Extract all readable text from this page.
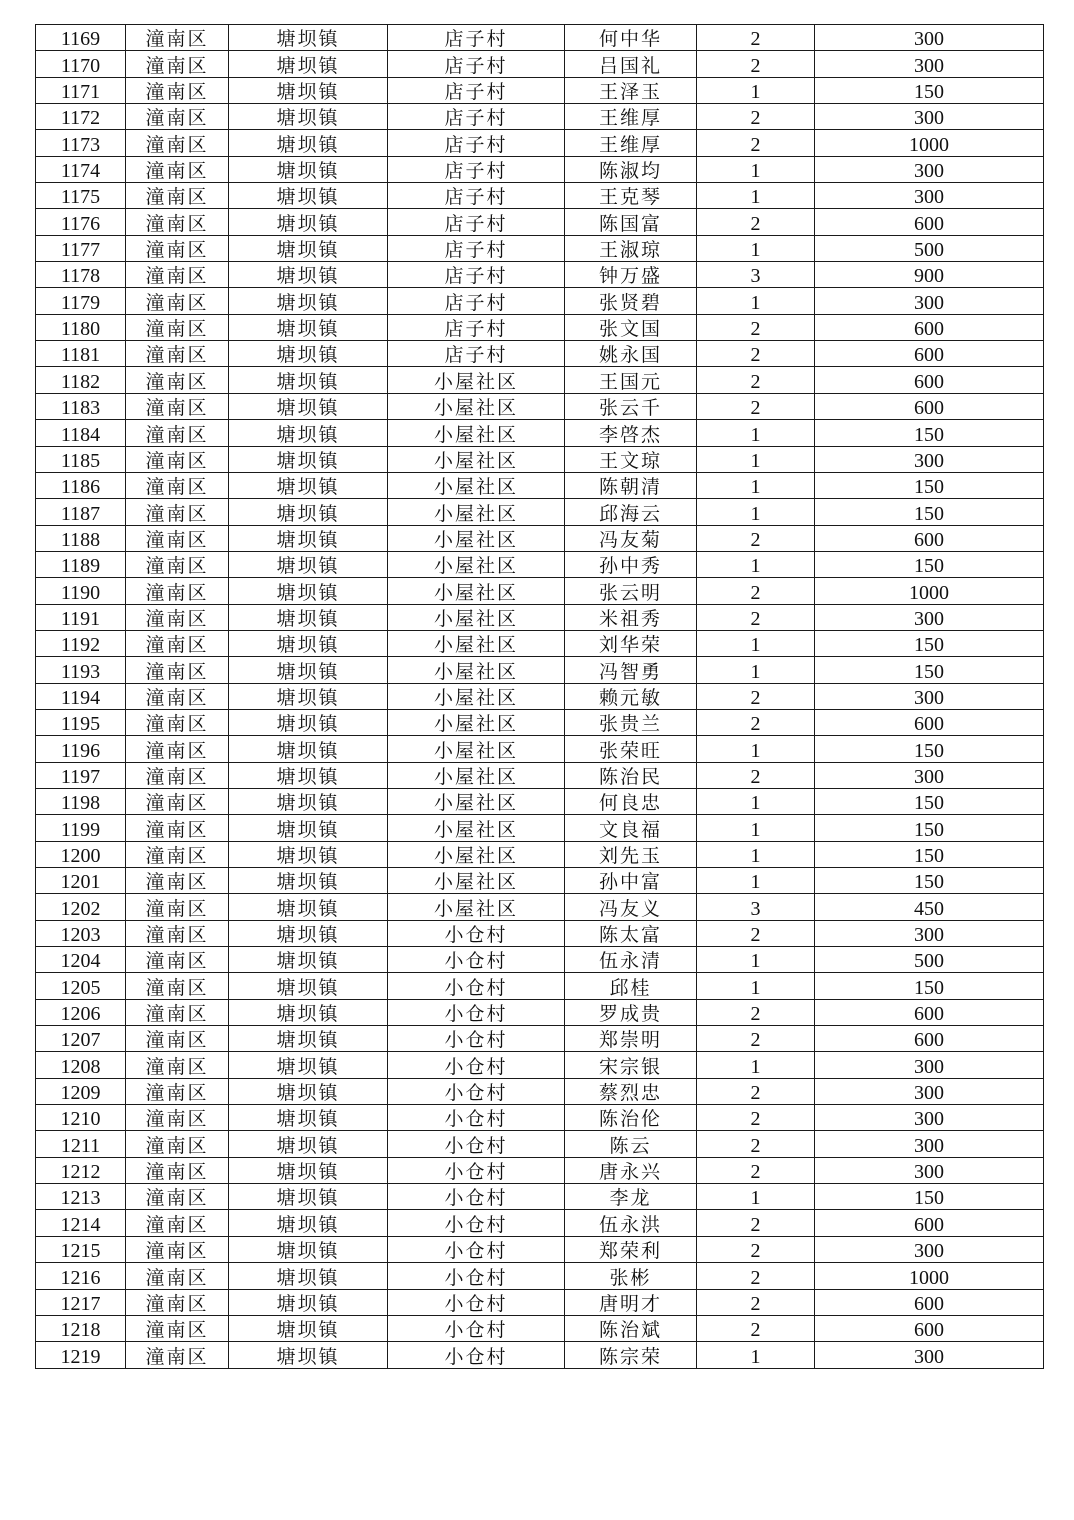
1169	潼南区	塘坝镇	店子村	何中华	2	300
1170	潼南区	塘坝镇	店子村	吕国礼	2	300
1171	潼南区	塘坝镇	店子村	王泽玉	1	150
1172	潼南区	塘坝镇	店子村	王维厚	2	300
1173	潼南区	塘坝镇	店子村	王维厚	2	1000
1174	潼南区	塘坝镇	店子村	陈淑均	1	300
1175	潼南区	塘坝镇	店子村	王克琴	1	300
1176	潼南区	塘坝镇	店子村	陈国富	2	600
1177	潼南区	塘坝镇	店子村	王淑琼	1	500
1178	潼南区	塘坝镇	店子村	钟万盛	3	900
1179	潼南区	塘坝镇	店子村	张贤碧	1	300
1180	潼南区	塘坝镇	店子村	张文国	2	600
1181	潼南区	塘坝镇	店子村	姚永国	2	600
1182	潼南区	塘坝镇	小屋社区	王国元	2	600
1183	潼南区	塘坝镇	小屋社区	张云千	2	600
1184	潼南区	塘坝镇	小屋社区	李啓杰	1	150
1185	潼南区	塘坝镇	小屋社区	王文琼	1	300
1186	潼南区	塘坝镇	小屋社区	陈朝清	1	150
1187	潼南区	塘坝镇	小屋社区	邱海云	1	150
1188	潼南区	塘坝镇	小屋社区	冯友菊	2	600
1189	潼南区	塘坝镇	小屋社区	孙中秀	1	150
1190	潼南区	塘坝镇	小屋社区	张云明	2	1000
1191	潼南区	塘坝镇	小屋社区	米祖秀	2	300
1192	潼南区	塘坝镇	小屋社区	刘华荣	1	150
1193	潼南区	塘坝镇	小屋社区	冯智勇	1	150
1194	潼南区	塘坝镇	小屋社区	赖元敏	2	300
1195	潼南区	塘坝镇	小屋社区	张贵兰	2	600
1196	潼南区	塘坝镇	小屋社区	张荣旺	1	150
1197	潼南区	塘坝镇	小屋社区	陈治民	2	300
1198	潼南区	塘坝镇	小屋社区	何良忠	1	150
1199	潼南区	塘坝镇	小屋社区	文良福	1	150
1200	潼南区	塘坝镇	小屋社区	刘先玉	1	150
1201	潼南区	塘坝镇	小屋社区	孙中富	1	150
1202	潼南区	塘坝镇	小屋社区	冯友义	3	450
1203	潼南区	塘坝镇	小仓村	陈太富	2	300
1204	潼南区	塘坝镇	小仓村	伍永清	1	500
1205	潼南区	塘坝镇	小仓村	邱桂	1	150
1206	潼南区	塘坝镇	小仓村	罗成贵	2	600
1207	潼南区	塘坝镇	小仓村	郑崇明	2	600
1208	潼南区	塘坝镇	小仓村	宋宗银	1	300
1209	潼南区	塘坝镇	小仓村	蔡烈忠	2	300
1210	潼南区	塘坝镇	小仓村	陈治伦	2	300
1211	潼南区	塘坝镇	小仓村	陈云	2	300
1212	潼南区	塘坝镇	小仓村	唐永兴	2	300
1213	潼南区	塘坝镇	小仓村	李龙	1	150
1214	潼南区	塘坝镇	小仓村	伍永洪	2	600
1215	潼南区	塘坝镇	小仓村	郑荣利	2	300
1216	潼南区	塘坝镇	小仓村	张彬	2	1000
1217	潼南区	塘坝镇	小仓村	唐明才	2	600
1218	潼南区	塘坝镇	小仓村	陈治斌	2	600
1219	潼南区	塘坝镇	小仓村	陈宗荣	1	300
